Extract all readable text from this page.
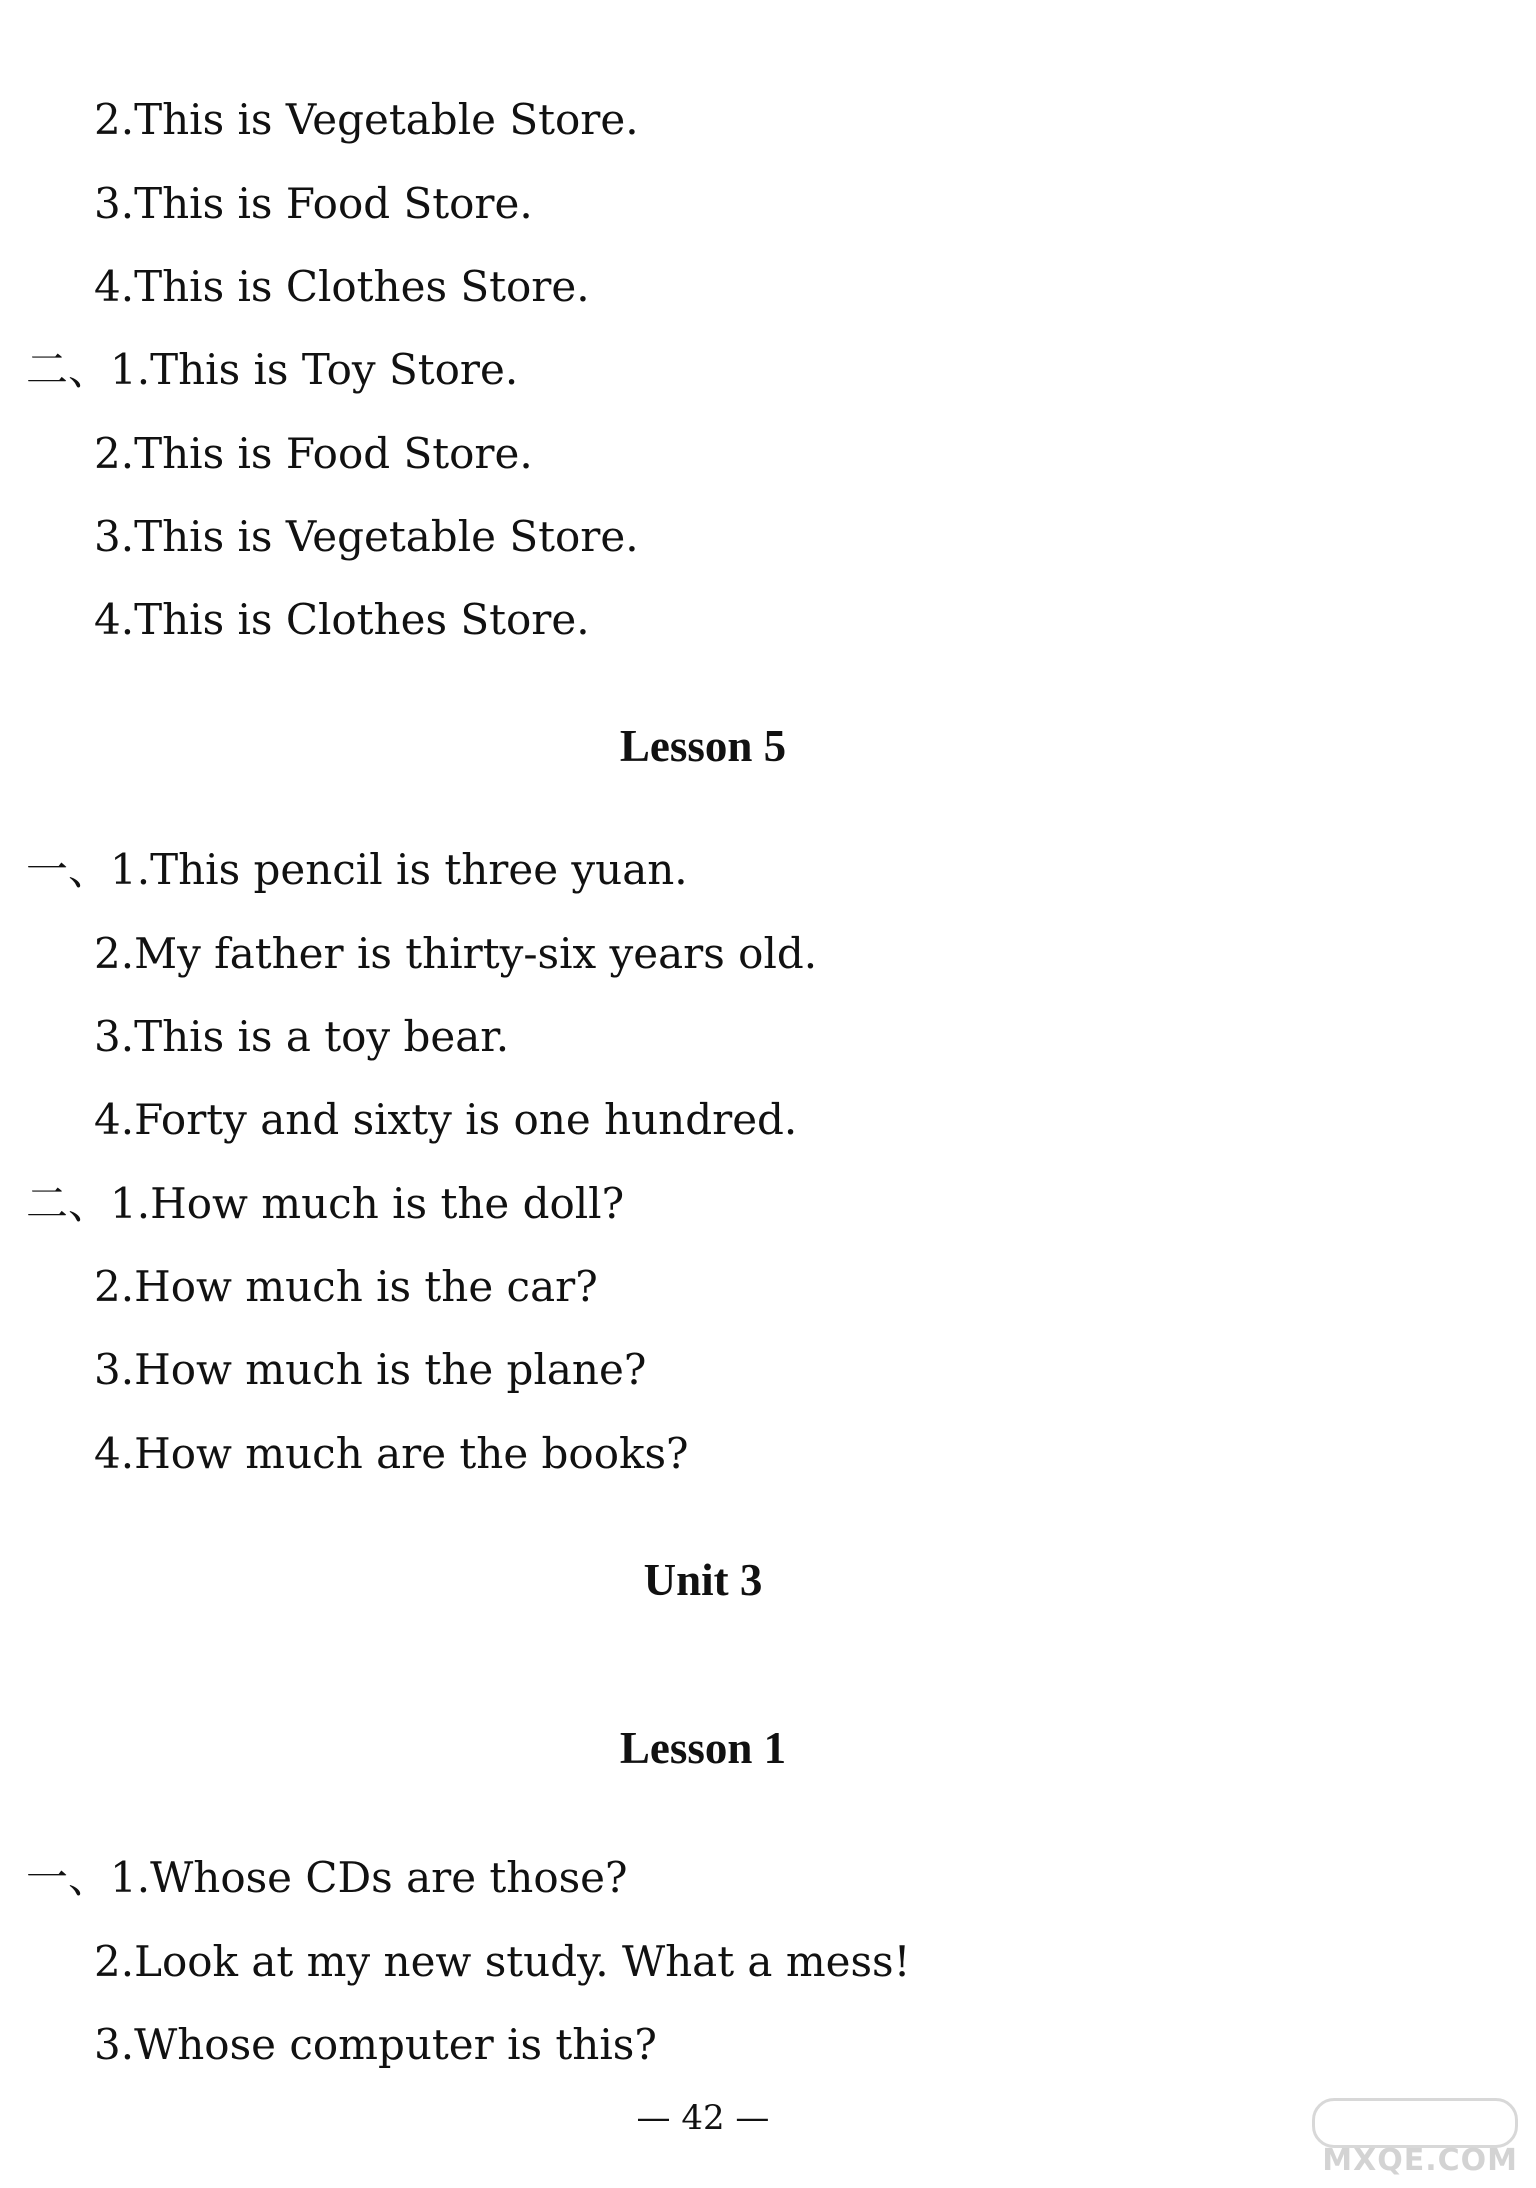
2.This is Vegetable Store.
3.This is Food Store.
4.This is Clothes Store.
二、1.This is Toy Store.
2.This is Food Store.
3.This is Vegetable Store.
4.This is Clothes Store.
Lesson 5
一、1.This pencil is three yuan.
2.My father is thirty-six years old.
3.This is a toy bear.
4.Forty and sixty is one hundred.
二、1.How much is the doll?
2.How much is the car?
3.How much is the plane?
4.How much are the books?
Unit 3
Lesson 1
一、1.Whose CDs are those?
2.Look at my new study. What a mess!
3.Whose computer is this?
— 42 —
MXQE.COM
